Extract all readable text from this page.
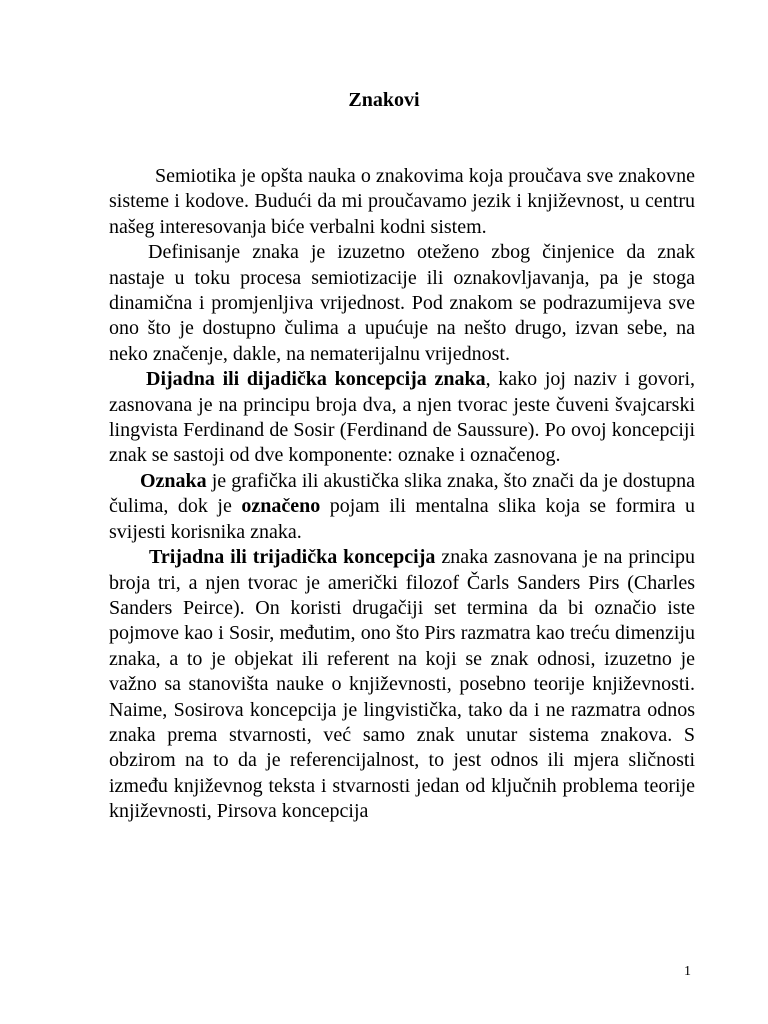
Znakovi

Semiotika je opšta nauka o znakovima koja proučava sve znakovne sisteme i kodove. Budući da mi proučavamo jezik i književnost, u centru našeg interesovanja biće verbalni kodni sistem.

Definisanje znaka je izuzetno oteženo zbog činjenice da znak nastaje u toku procesa semiotizacije ili oznakovljavanja, pa je stoga dinamična i promjenljiva vrijednost. Pod znakom se podrazumijeva sve ono što je dostupno čulima a upućuje na nešto drugo, izvan sebe, na neko značenje, dakle, na nematerijalnu vrijednost.

Dijadna ili dijadička koncepcija znaka, kako joj naziv i govori, zasnovana je na principu broja dva, a njen tvorac jeste čuveni švajcarski lingvista Ferdinand de Sosir (Ferdinand de Saussure). Po ovoj koncepciji znak se sastoji od dve komponente: oznake i označenog.

Oznaka je grafička ili akustička slika znaka, što znači da je dostupna čulima, dok je označeno pojam ili mentalna slika koja se formira u svijesti korisnika znaka.

Trijadna ili trijadička koncepcija znaka zasnovana je na principu broja tri, a njen tvorac je američki filozof Čarls Sanders Pirs (Charles Sanders Peirce). On koristi drugačiji set termina da bi označio iste pojmove kao i Sosir, međutim, ono što Pirs razmatra kao treću dimenziju znaka, a to je objekat ili referent na koji se znak odnosi, izuzetno je važno sa stanovišta nauke o književnosti, posebno teorije književnosti. Naime, Sosirova koncepcija je lingvistička, tako da i ne razmatra odnos znaka prema stvarnosti, već samo znak unutar sistema znakova. S obzirom na to da je referencijalnost, to jest odnos ili mjera sličnosti između književnog teksta i stvarnosti jedan od ključnih problema teorije književnosti, Pirsova koncepcija

1
